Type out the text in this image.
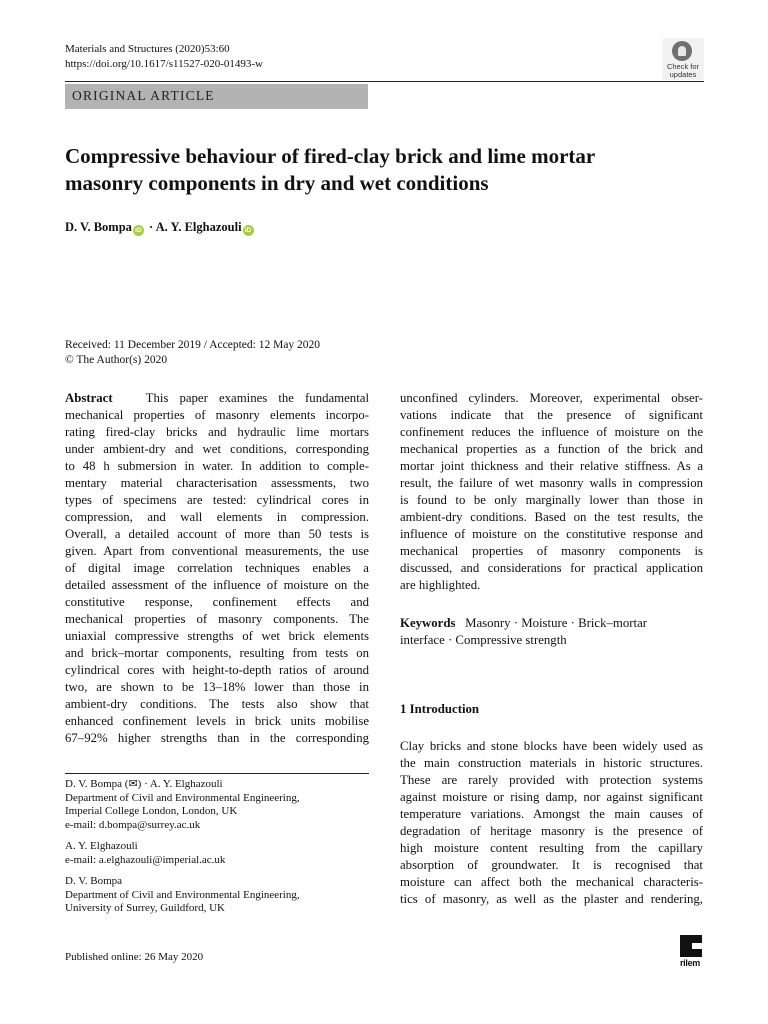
Materials and Structures (2020)53:60
https://doi.org/10.1617/s11527-020-01493-w	Check for
updates
ORIGINAL ARTICLE
Compressive behaviour of fired-clay brick and lime mortar
masonry components in dry and wet conditions
D. V. Bompa iD · A. Y. Elghazouli iD
Received: 11 December 2019 / Accepted: 12 May 2020
© The Author(s) 2020
Abstract	This paper examines the fundamental
mechanical properties of masonry elements incorpo-
rating fired-clay bricks and hydraulic lime mortars
under ambient-dry and wet conditions, corresponding
to 48 h submersion in water. In addition to comple-
mentary material characterisation assessments, two
types of specimens are tested: cylindrical cores in
compression, and wall elements in compression.
Overall, a detailed account of more than 50 tests is
given. Apart from conventional measurements, the use
of digital image correlation techniques enables a
detailed assessment of the influence of moisture on the
constitutive response, confinement effects and
mechanical properties of masonry components. The
uniaxial compressive strengths of wet brick elements
and brick–mortar components, resulting from tests on
cylindrical cores with height-to-depth ratios of around
two, are shown to be 13–18% lower than those in
ambient-dry conditions. The tests also show that
enhanced confinement levels in brick units mobilise
67–92% higher strengths than in the corresponding
unconfined cylinders. Moreover, experimental obser-
vations indicate that the presence of significant
confinement reduces the influence of moisture on the
mechanical properties as a function of the brick and
mortar joint thickness and their relative stiffness. As a
result, the failure of wet masonry walls in compression
is found to be only marginally lower than those in
ambient-dry conditions. Based on the test results, the
influence of moisture on the constitutive response and
mechanical properties of masonry components is
discussed, and considerations for practical application
are highlighted.
Keywords Masonry · Moisture · Brick–mortar
interface · Compressive strength
1 Introduction
Clay bricks and stone blocks have been widely used as
the main construction materials in historic structures.
These are rarely provided with protection systems
against moisture or rising damp, nor against significant
temperature variations. Amongst the main causes of
degradation of heritage masonry is the presence of
high moisture content resulting from the capillary
absorption of groundwater. It is recognised that
moisture can affect both the mechanical characteris-
tics of masonry, as well as the plaster and rendering,
D. V. Bompa (✉) · A. Y. Elghazouli
Department of Civil and Environmental Engineering,
Imperial College London, London, UK
e-mail: d.bompa@surrey.ac.uk
A. Y. Elghazouli
e-mail: a.elghazouli@imperial.ac.uk
D. V. Bompa
Department of Civil and Environmental Engineering,
University of Surrey, Guildford, UK
Published online: 26 May 2020	rilem
